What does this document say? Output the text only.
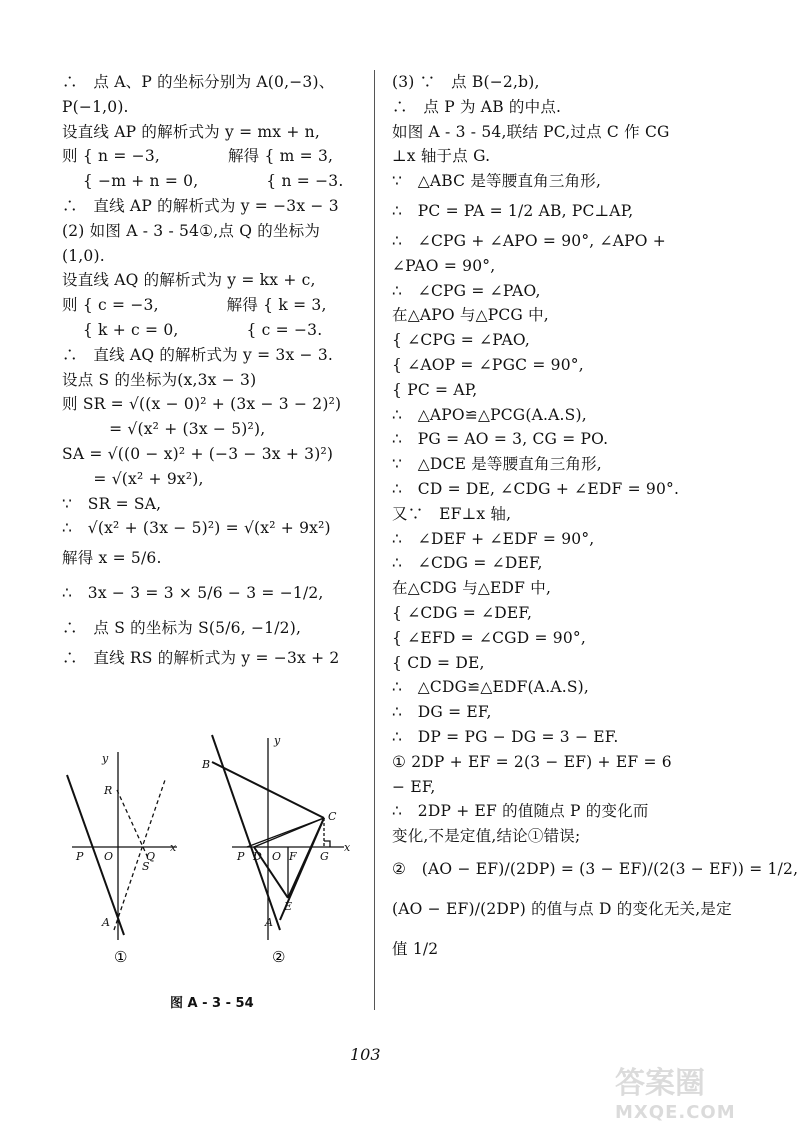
∴　点 A、P 的坐标分别为 A(0,−3)、
P(−1,0).
设直线 AP 的解析式为 y = mx + n,
则 { n = −3,　　　　 解得 { m = 3,
　 { −m + n = 0,　　　　 { n = −3.
∴　直线 AP 的解析式为 y = −3x − 3
(2) 如图 A - 3 - 54①,点 Q 的坐标为
(1,0).
设直线 AQ 的解析式为 y = kx + c,
则 { c = −3,　　　　 解得 { k = 3,
　 { k + c = 0,　　　　 { c = −3.
∴　直线 AQ 的解析式为 y = 3x − 3.
设点 S 的坐标为(x,3x − 3)
则 SR = √((x − 0)² + (3x − 3 − 2)²)
　　　= √(x² + (3x − 5)²),
SA = √((0 − x)² + (−3 − 3x + 3)²)
　　= √(x² + 9x²),
∵　SR = SA,
∴　√(x² + (3x − 5)²) = √(x² + 9x²)
解得 x = 5/6.
∴　3x − 3 = 3 × 5/6 − 3 = −1/2,
∴　点 S 的坐标为 S(5/6, −1/2),
∴　直线 RS 的解析式为 y = −3x + 2
(3) ∵　点 B(−2,b),
∴　点 P 为 AB 的中点.
如图 A - 3 - 54,联结 PC,过点 C 作 CG
⊥x 轴于点 G.
∵　△ABC 是等腰直角三角形,
∴　PC = PA = 1/2 AB, PC⊥AP,
∴　∠CPG + ∠APO = 90°, ∠APO +
∠PAO = 90°,
∴　∠CPG = ∠PAO,
在△APO 与△PCG 中,
{ ∠CPG = ∠PAO,
{ ∠AOP = ∠PGC = 90°,
{ PC = AP,
∴　△APO≌△PCG(A.A.S),
∴　PG = AO = 3, CG = PO.
∵　△DCE 是等腰直角三角形,
∴　CD = DE, ∠CDG + ∠EDF = 90°.
又∵　EF⊥x 轴,
∴　∠DEF + ∠EDF = 90°,
∴　∠CDG = ∠DEF,
在△CDG 与△EDF 中,
{ ∠CDG = ∠DEF,
{ ∠EFD = ∠CGD = 90°,
{ CD = DE,
∴　△CDG≌△EDF(A.A.S),
∴　DG = EF,
∴　DP = PG − DG = 3 − EF.
① 2DP + EF = 2(3 − EF) + EF = 6
− EF,
∴　2DP + EF 的值随点 P 的变化而
变化,不是定值,结论①错误;
②　(AO − EF)/(2DP) = (3 − EF)/(2(3 − EF)) = 1/2,
(AO − EF)/(2DP) 的值与点 D 的变化无关,是定
值 1/2
y
R
P O	Q
x
S
A
y
B
C
P D O F G
x
E
A
①	②
图 A - 3 - 54
103
答案圈
MXQE.COM
